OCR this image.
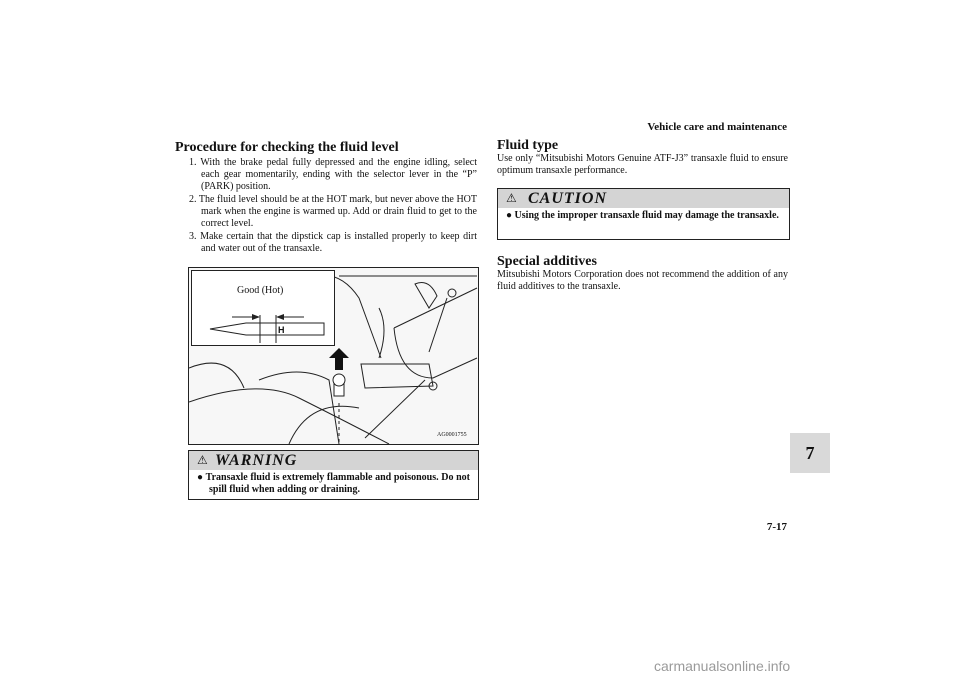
Vehicle care and maintenance
7
7-17
Procedure for checking the fluid level
1. With the brake pedal fully depressed and the engine idling, select each gear momentarily, ending with the selector lever in the “P” (PARK) position.
2. The fluid level should be at the HOT mark, but never above the HOT mark when the engine is warmed up. Add or drain fluid to get to the correct level.
3. Make certain that the dipstick cap is installed properly to keep dirt and water out of the transaxle.
H
Good (Hot)
AG0001755
⚠ WARNING
● Transaxle fluid is extremely flammable and poisonous. Do not spill fluid when adding or draining.
Fluid type
Use only “Mitsubishi Motors Genuine ATF-J3” transaxle fluid to ensure optimum transaxle performance.
⚠ CAUTION
● Using the improper transaxle fluid may damage the transaxle.
Special additives
Mitsubishi Motors Corporation does not recommend the addition of any fluid additives to the transaxle.
carmanualsonline.info
